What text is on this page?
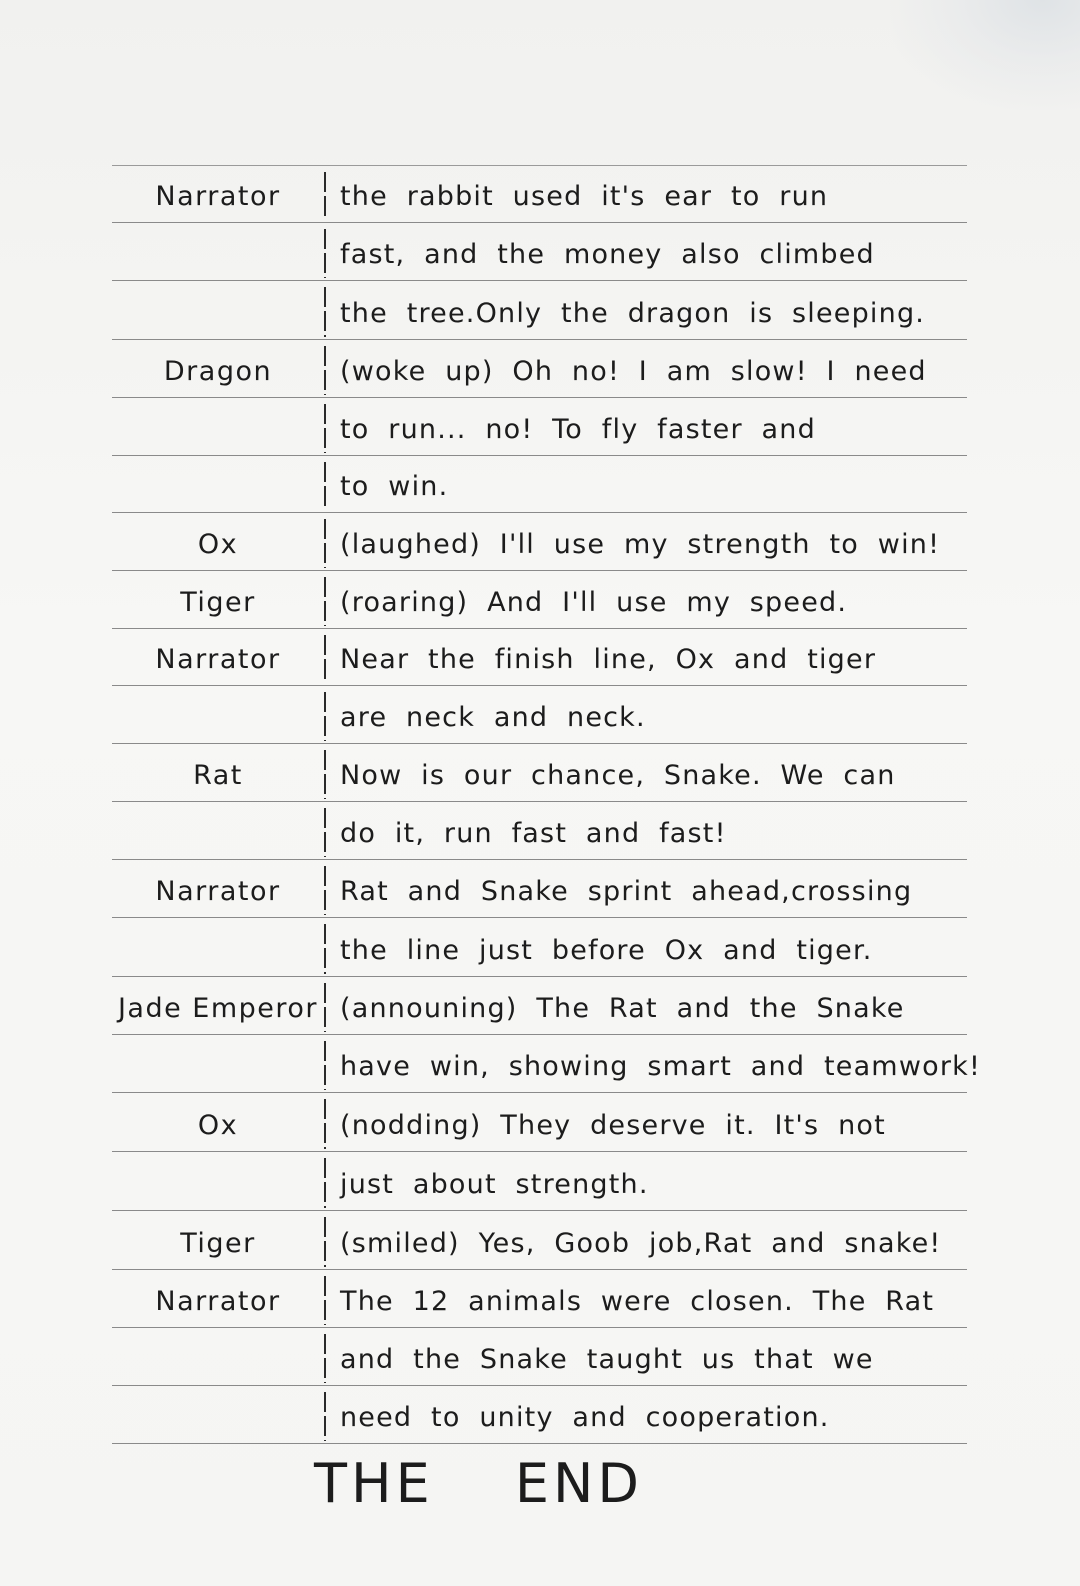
Narrator	the rabbit used it's ear to run
fast, and the money also climbed
the tree.Only the dragon is sleeping.
Dragon	(woke up) Oh no! I am slow! I need
to run... no! To fly faster and
to win.
Ox	(laughed) I'll use my strength to win!
Tiger	(roaring) And I'll use my speed.
Narrator	Near the finish line, Ox and tiger
are neck and neck.
Rat	Now is our chance, Snake. We can
do it, run fast and fast!
Narrator	Rat and Snake sprint ahead,crossing
the line just before Ox and tiger.
Jade Emperor (announing) The Rat and the Snake
have win, showing smart and teamwork!
Ox	(nodding) They deserve it. It's not
just about strength.
Tiger	(smiled) Yes, Goob job,Rat and snake!
Narrator	The 12 animals were closen. The Rat
and the Snake taught us that we
need to unity and cooperation.
THE END
